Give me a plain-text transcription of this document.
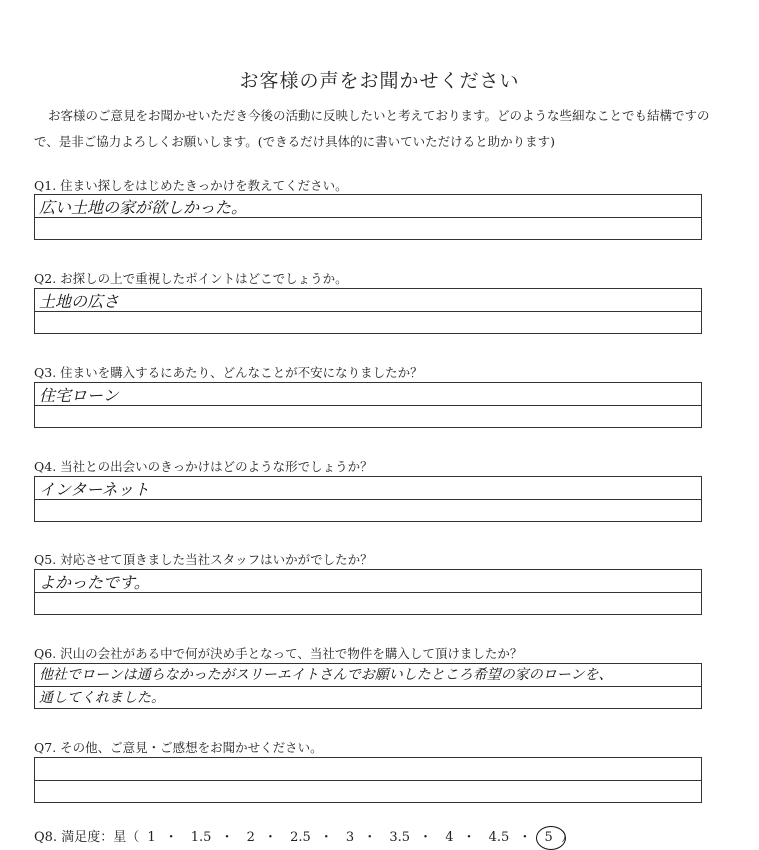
お客様の声をお聞かせください
お客様のご意見をお聞かせいただき今後の活動に反映したいと考えております。どのような些細なことでも結構ですので、是非ご協力よろしくお願いします。(できるだけ具体的に書いていただけると助かります)
Q1. 住まい探しをはじめたきっかけを教えてください。
広い土地の家が欲しかった。
Q2. お探しの上で重視したポイントはどこでしょうか。
土地の広さ
Q3. 住まいを購入するにあたり、どんなことが不安になりましたか？
住宅ローン
Q4. 当社との出会いのきっかけはどのような形でしょうか？
インターネット
Q5. 対応させて頂きました当社スタッフはいかがでしたか？
よかったです。
Q6. 沢山の会社がある中で何が決め手となって、当社で物件を購入して頂けましたか？
他社でローンは通らなかったがスリーエイトさんでお願いしたところ希望の家のローンを、
通してくれました。
Q7. その他、ご意見・ご感想をお聞かせください。
Q8. 満足度：星（ 1 ・ 1.5 ・ 2 ・ 2.5 ・ 3 ・ 3.5 ・ 4 ・ 4.5 ・ 5 ）
